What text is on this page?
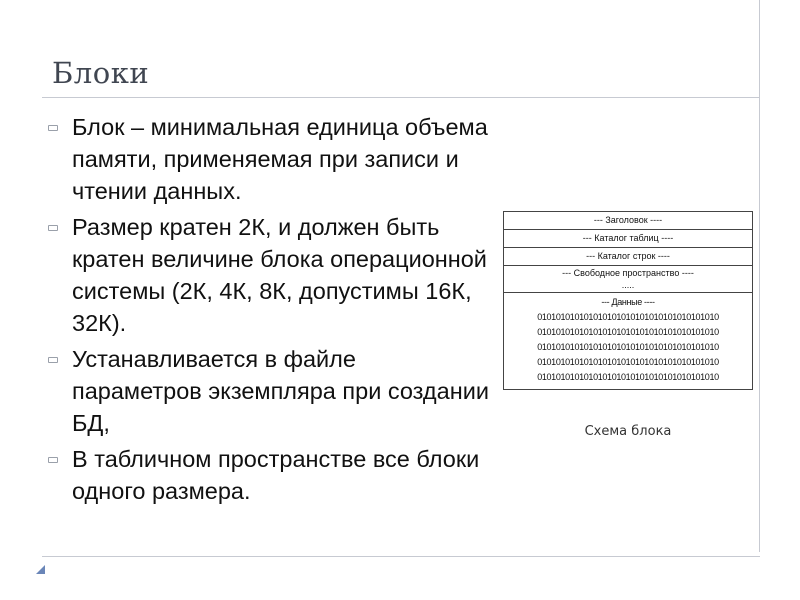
Блоки
Блок – минимальная единица объема памяти, применяемая при записи и чтении данных.
Размер кратен 2К, и должен быть кратен величине блока операционной системы (2К, 4К, 8К, допустимы 16К, 32К).
Устанавливается в файле параметров экземпляра при создании БД,
В табличном пространстве все блоки одного размера.
--- Заголовок ----
--- Каталог таблиц ----
--- Каталог строк ----
--- Свободное пространство ----
.....
--- Данные ----
010101010101010101010101010101010101010
010101010101010101010101010101010101010
010101010101010101010101010101010101010
010101010101010101010101010101010101010
010101010101010101010101010101010101010
Схема блока
